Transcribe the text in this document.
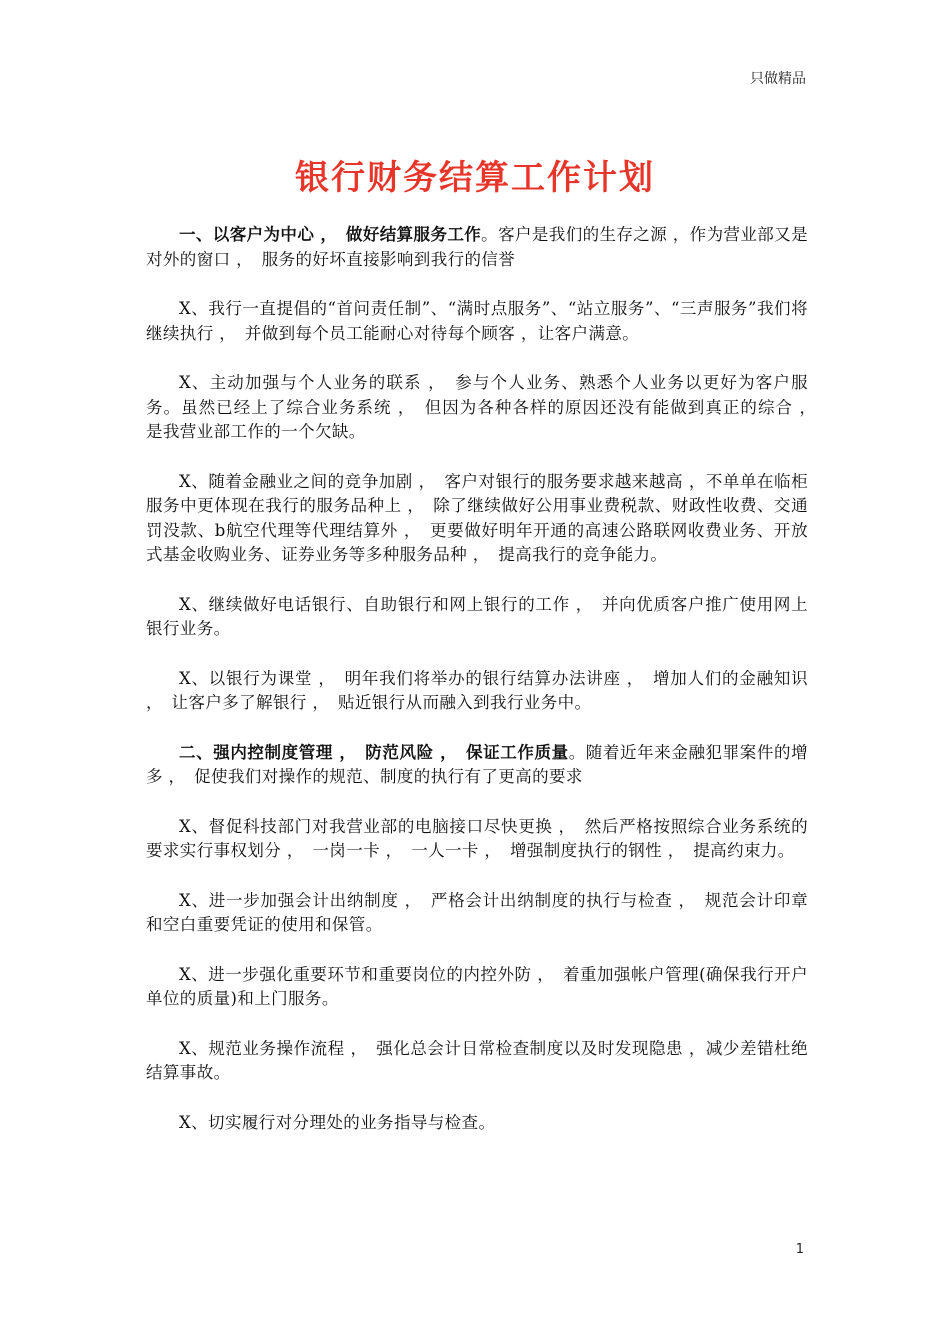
只做精品
银行财务结算工作计划

一、以客户为中心 ，　做好结算服务工作。客户是我们的生存之源 ，作为营业部又是对外的窗口 ，　服务的好坏直接影响到我行的信誉

X、我行一直提倡的“首问责任制”、“满时点服务”、“站立服务”、“三声服务”我们将继续执行 ，　并做到每个员工能耐心对待每个顾客 ，让客户满意。

X、主动加强与个人业务的联系 ，　参与个人业务、熟悉个人业务以更好为客户服务。虽然已经上了综合业务系统 ，　但因为各种各样的原因还没有能做到真正的综合 ，　是我营业部工作的一个欠缺。

X、随着金融业之间的竞争加剧 ，　客户对银行的服务要求越来越高 ，不单单在临柜服务中更体现在我行的服务品种上 ，　除了继续做好公用事业费税款、财政性收费、交通罚没款、b航空代理等代理结算外 ，　更要做好明年开通的高速公路联网收费业务、开放式基金收购业务、证券业务等多种服务品种 ，　提高我行的竞争能力。

X、继续做好电话银行、自助银行和网上银行的工作 ，　并向优质客户推广使用网上银行业务。

X、以银行为课堂 ，　明年我们将举办的银行结算办法讲座 ，　增加人们的金融知识 ，　让客户多了解银行 ，　贴近银行从而融入到我行业务中。

二、强内控制度管理 ，　防范风险 ，　保证工作质量。随着近年来金融犯罪案件的增多 ，　促使我们对操作的规范、制度的执行有了更高的要求

X、督促科技部门对我营业部的电脑接口尽快更换 ，　然后严格按照综合业务系统的要求实行事权划分 ，　一岗一卡 ，　一人一卡 ，　增强制度执行的钢性 ，　提高约束力。

X、进一步加强会计出纳制度 ，　严格会计出纳制度的执行与检查 ，　规范会计印章和空白重要凭证的使用和保管。

X、进一步强化重要环节和重要岗位的内控外防 ，　着重加强帐户管理(确保我行开户单位的质量)和上门服务。

X、规范业务操作流程 ，　强化总会计日常检查制度以及时发现隐患 ，减少差错杜绝结算事故。

X、切实履行对分理处的业务指导与检查。

1
